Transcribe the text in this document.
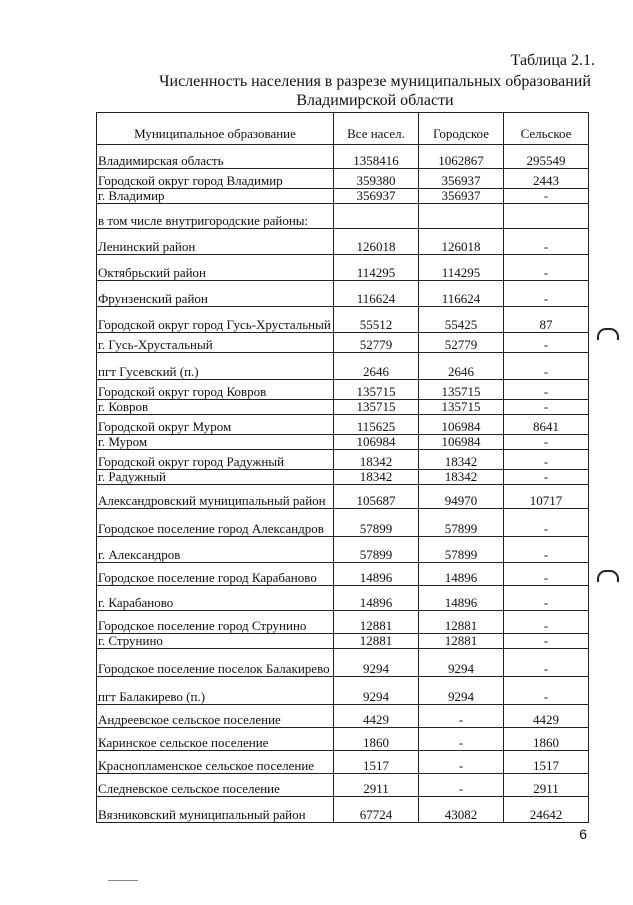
Таблица 2.1.
Численность населения в разрезе муниципальных образований
Владимирской области
Муниципальное образование	Все насел.	Городское	Сельское
Владимирская область	1358416	1062867	295549
Городской округ город Владимир	359380	356937	2443
г. Владимир	356937	356937	-
в том числе внутригородские районы:			
Ленинский район	126018	126018	-
Октябрьский район	114295	114295	-
Фрунзенский район	116624	116624	-
Городской округ город Гусь-Хрустальный	55512	55425	87
г. Гусь-Хрустальный	52779	52779	-
пгт Гусевский (п.)	2646	2646	-
Городской округ город Ковров	135715	135715	-
г. Ковров	135715	135715	-
Городской округ Муром	115625	106984	8641
г. Муром	106984	106984	-
Городской округ город Радужный	18342	18342	-
г. Радужный	18342	18342	-
Александровский муниципальный район	105687	94970	10717
Городское поселение город Александров	57899	57899	-
г. Александров	57899	57899	-
Городское поселение город Карабаново	14896	14896	-
г. Карабаново	14896	14896	-
Городское поселение город Струнино	12881	12881	-
г. Струнино	12881	12881	-
Городское поселение поселок Балакирево	9294	9294	-
пгт Балакирево (п.)	9294	9294	-
Андреевское сельское поселение	4429	-	4429
Каринское сельское поселение	1860	-	1860
Краснопламенское сельское поселение	1517	-	1517
Следневское сельское поселение	2911	-	2911
Вязниковский муниципальный район	67724	43082	24642
6
